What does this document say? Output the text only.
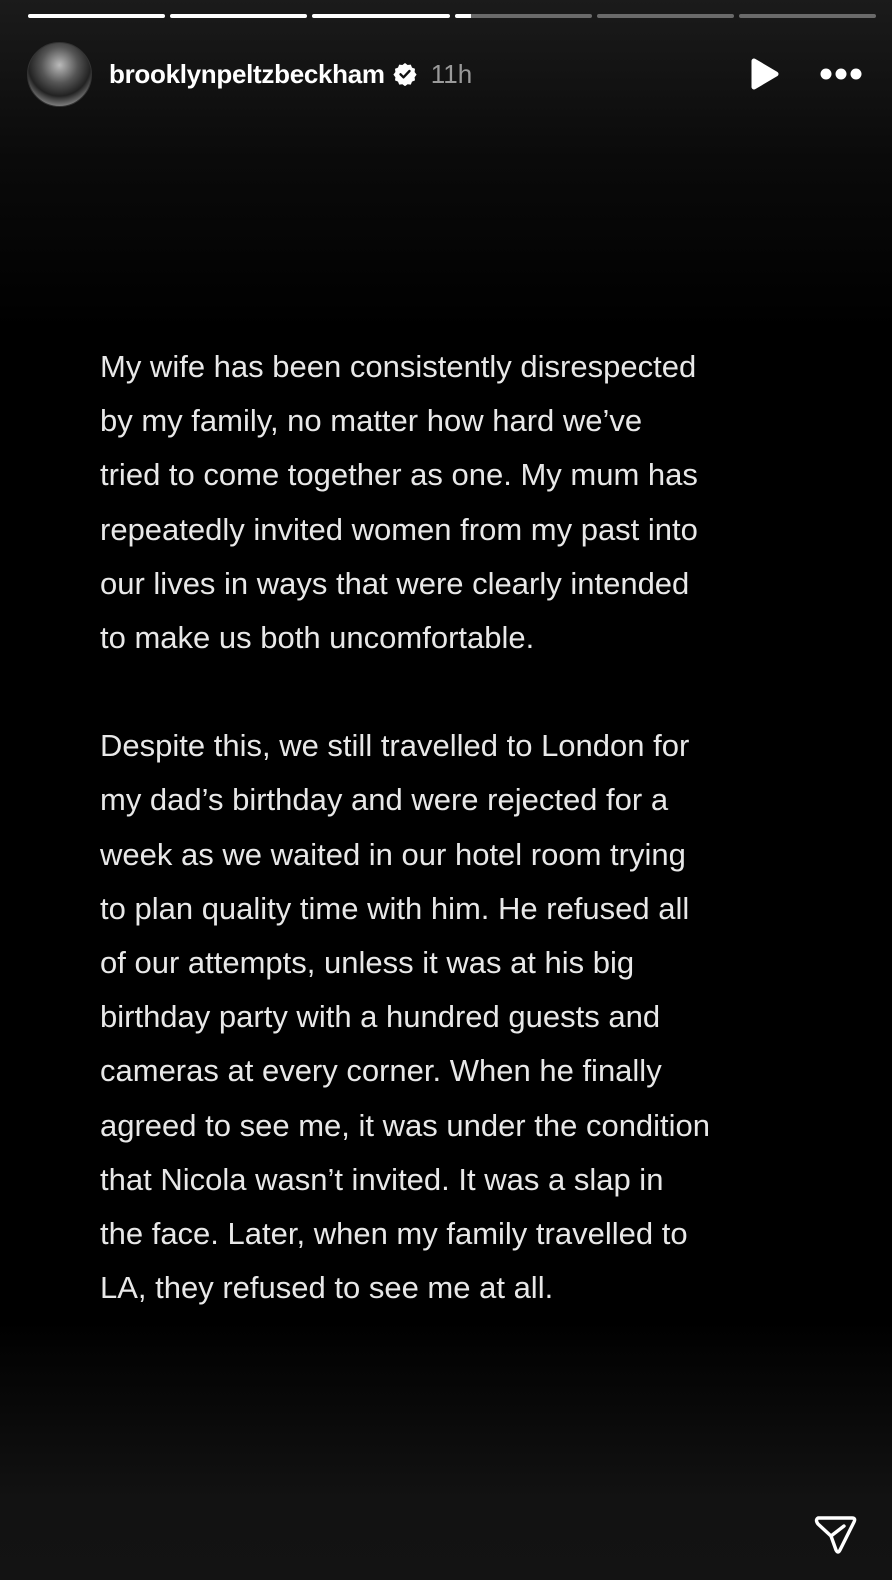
brooklynpeltzbeckham 11h
My wife has been consistently disrespected
by my family, no matter how hard we’ve
tried to come together as one. My mum has
repeatedly invited women from my past into
our lives in ways that were clearly intended
to make us both uncomfortable.
Despite this, we still travelled to London for
my dad’s birthday and were rejected for a
week as we waited in our hotel room trying
to plan quality time with him. He refused all
of our attempts, unless it was at his big
birthday party with a hundred guests and
cameras at every corner. When he finally
agreed to see me, it was under the condition
that Nicola wasn’t invited. It was a slap in
the face. Later, when my family travelled to
LA, they refused to see me at all.
